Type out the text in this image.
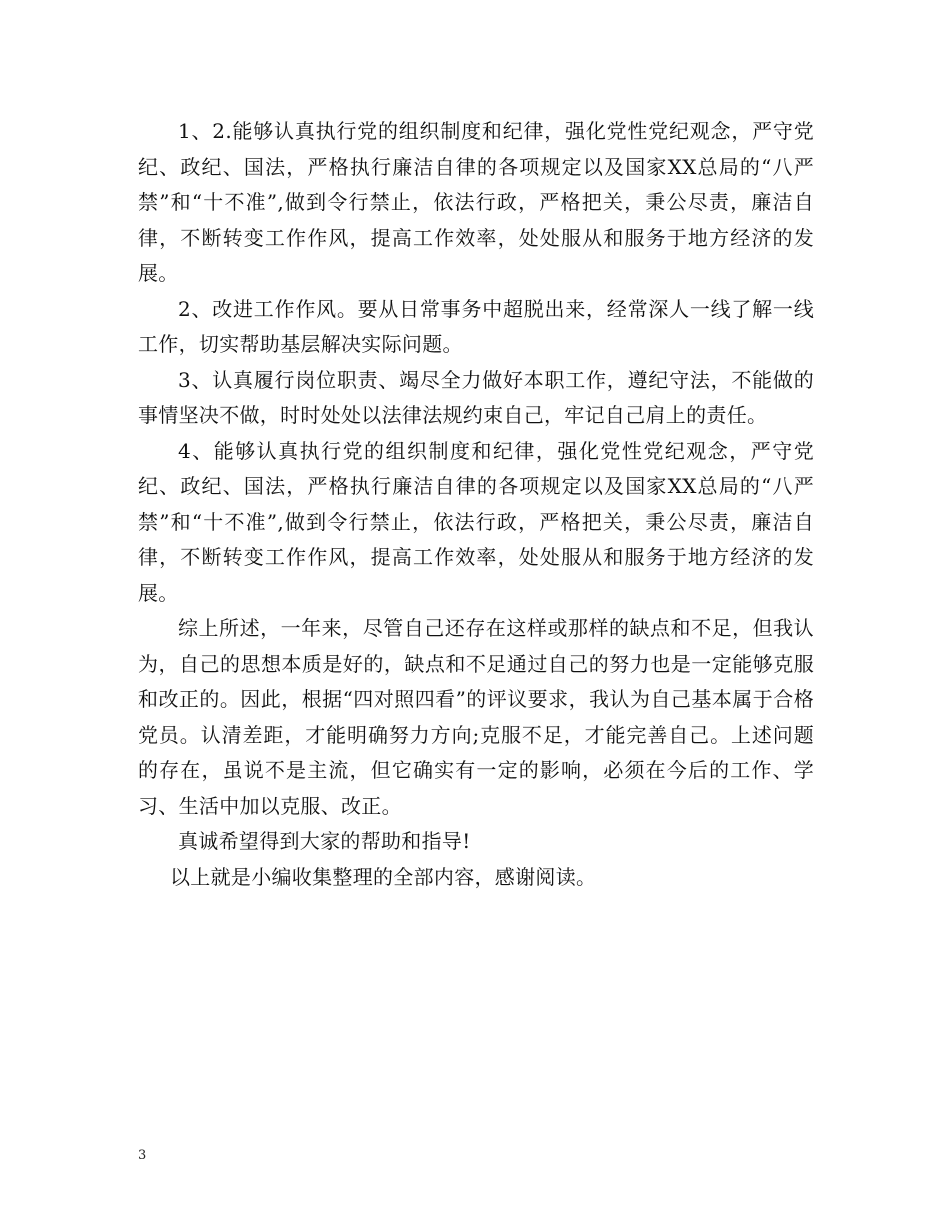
1、2.能够认真执行党的组织制度和纪律，强化党性党纪观念，严守党纪、政纪、国法，严格执行廉洁自律的各项规定以及国家XX总局的“八严禁”和“十不准”,做到令行禁止，依法行政，严格把关，秉公尽责，廉洁自律，不断转变工作作风，提高工作效率，处处服从和服务于地方经济的发展。

2、改进工作作风。要从日常事务中超脱出来，经常深人一线了解一线工作，切实帮助基层解决实际问题。

3、认真履行岗位职责、竭尽全力做好本职工作，遵纪守法，不能做的事情坚决不做，时时处处以法律法规约束自己，牢记自己肩上的责任。

4、能够认真执行党的组织制度和纪律，强化党性党纪观念，严守党纪、政纪、国法，严格执行廉洁自律的各项规定以及国家XX总局的“八严禁”和“十不准”,做到令行禁止，依法行政，严格把关，秉公尽责，廉洁自律，不断转变工作作风，提高工作效率，处处服从和服务于地方经济的发展。

综上所述，一年来，尽管自己还存在这样或那样的缺点和不足，但我认为，自己的思想本质是好的，缺点和不足通过自己的努力也是一定能够克服和改正的。因此，根据“四对照四看”的评议要求，我认为自己基本属于合格党员。认清差距，才能明确努力方向;克服不足，才能完善自己。上述问题的存在，虽说不是主流，但它确实有一定的影响，必须在今后的工作、学习、生活中加以克服、改正。

真诚希望得到大家的帮助和指导!

以上就是小编收集整理的全部内容，感谢阅读。

3
